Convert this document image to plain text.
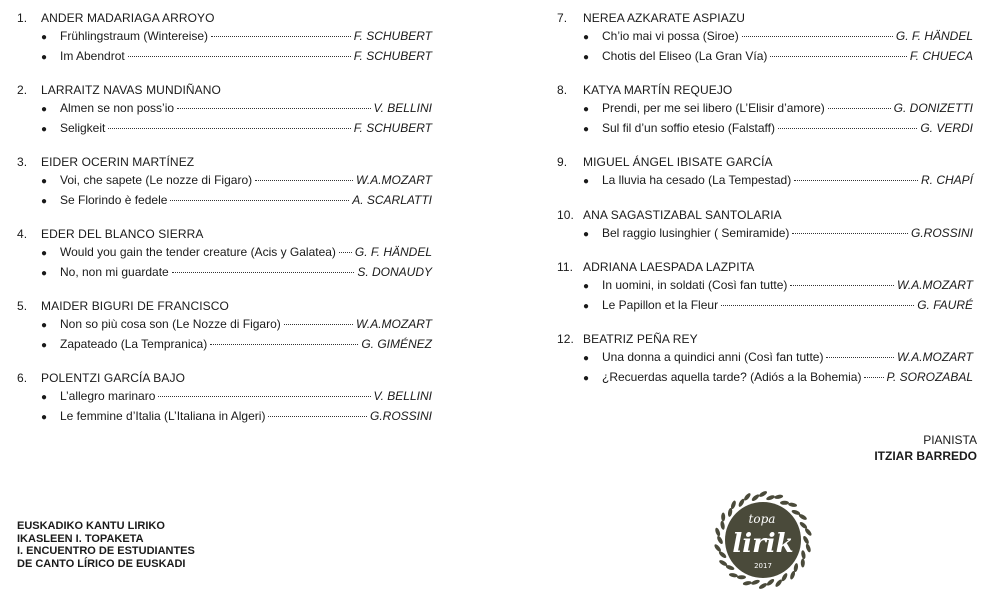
1.	ANDER MADARIAGA ARROYO
●	Frühlingstraum (Wintereise)	F. SCHUBERT
●	Im Abendrot	F. SCHUBERT
2.	LARRAITZ NAVAS MUNDIÑANO
●	Almen se non poss’io	V. BELLINI
●	Seligkeit	F. SCHUBERT
3.	EIDER OCERIN MARTÍNEZ
●	Voi, che sapete (Le nozze di Figaro)	W.A.MOZART
●	Se Florindo è fedele	A. SCARLATTI
4.	EDER DEL BLANCO SIERRA
●	Would you gain the tender creature (Acis y Galatea) G. F. HÄNDEL
●	No, non mi guardate	S. DONAUDY
5.	MAIDER BIGURI DE FRANCISCO
●	Non so più cosa son (Le Nozze di Figaro)	W.A.MOZART
●	Zapateado (La Tempranica)	G. GIMÉNEZ
6.	POLENTZI GARCÍA BAJO
●	L’allegro marinaro	V. BELLINI
●	Le femmine d’Italia (L’Italiana in Algeri)	G.ROSSINI
7.	NEREA AZKARATE ASPIAZU
●	Ch’io mai vi possa (Siroe)	G. F. HÄNDEL
●	Chotis del Eliseo (La Gran Vía)	F. CHUECA
8.	KATYA MARTÍN REQUEJO
●	Prendi, per me sei libero (L’Elisir d’amore)	G. DONIZETTI
●	Sul fil d’un soffio etesio (Falstaff)	G. VERDI
9.	MIGUEL ÁNGEL IBISATE GARCÍA
●	La lluvia ha cesado (La Tempestad)	R. CHAPÍ
10. ANA SAGASTIZABAL SANTOLARIA
●	Bel raggio lusinghier ( Semiramide)	G.ROSSINI
11. ADRIANA LAESPADA LAZPITA
●	In uomini, in soldati (Così fan tutte)	W.A.MOZART
●	Le Papillon et la Fleur	G. FAURÉ
12. BEATRIZ PEÑA REY
●	Una donna a quindici anni (Così fan tutte)	W.A.MOZART
●	¿Recuerdas aquella tarde? (Adiós a la Bohemia) P. SOROZABAL
PIANISTA
ITZIAR BARREDO
EUSKADIKO KANTU LIRIKO
IKASLEEN I. TOPAKETA
I. ENCUENTRO DE ESTUDIANTES
DE CANTO LÍRICO DE EUSKADI
topa
lirik
2017
